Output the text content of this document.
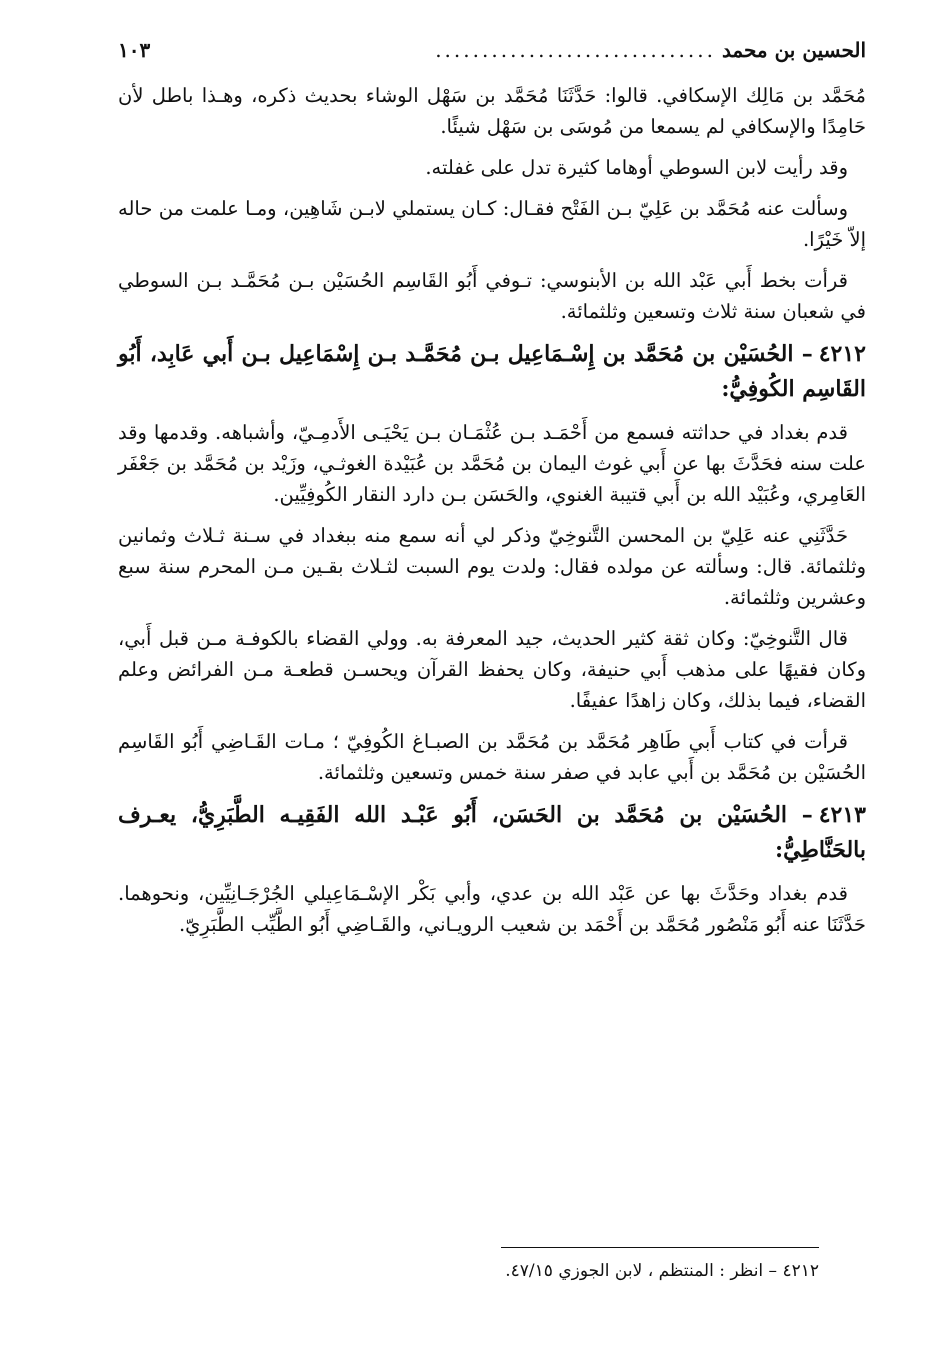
الحسين بن محمد
..............................
١٠٣

مُحَمَّد بن مَالِك الإسكافي. قالوا: حَدَّثَنَا مُحَمَّد بن سَهْل الوشاء بحديث ذكره، وهـذا باطل لأن حَامِدًا والإسكافي لم يسمعا من مُوسَى بن سَهْل شيئًا.

وقد رأيت لابن السوطي أوهاما كثيرة تدل على غفلته.

وسألت عنه مُحَمَّد بن عَلِيّ بـن الفَتْح فقـال: كـان يستملي لابـن شَاهِين، ومـا علمت من حاله إلاّ خَيْرًا.

قرأت بخط أَبي عَبْد الله بن الأبنوسي: تـوفي أَبُو القَاسِم الحُسَيْن بـن مُحَمَّـد بـن السوطي في شعبان سنة ثلاث وتسعين وثلثمائة.

٤٢١٢– الحُسَيْن بن مُحَمَّد بن إِسْـمَاعِيل بـن مُحَمَّـد بـن إِسْمَاعِيل بـن أَبي عَابِد، أَبُو القَاسِم الكُوفِيُّ:

قدم بغداد في حداثته فسمع من أَحْمَـد بـن عُثْمَـان بـن يَحْيَـى الأَدمِـيّ، وأشباهه. وقدمها وقد علت سنه فحَدَّثَ بها عن أَبي غوث اليمان بن مُحَمَّد بن عُبَيْدة الغوثـي، وزَيْد بن مُحَمَّد بن جَعْفَر العَامِري، وعُبَيْد الله بن أَبي قتيبة الغنوي، والحَسَن بـن دارد النقار الكُوفِيِّين.

حَدَّثَنِي عنه عَلِيّ بن المحسن التَّنوخِيّ وذكر لي أنه سمع منه ببغداد في سـنة ثـلاث وثمانين وثلثمائة. قال: وسألته عن مولده فقال: ولدت يوم السبت لثـلاث بقـين مـن المحرم سنة سبع وعشرين وثلثمائة.

قال التَّنوخِيّ: وكان ثقة كثير الحديث، جيد المعرفة به. وولي القضاء بالكوفـة مـن قبل أَبي، وكان فقيهًا على مذهب أَبي حنيفة، وكان يحفظ القرآن ويحسـن قطعـة مـن الفرائض وعلم القضاء، فيما بذلك، وكان زاهدًا عفيفًا.

قرأت في كتاب أَبي طَاهِر مُحَمَّد بن مُحَمَّد بن الصبـاغ الكُوفِيّ ؛ مـات القَـاضِي أَبُو القَاسِم الحُسَيْن بن مُحَمَّد بن أَبي عابد في صفر سنة خمس وتسعين وثلثمائة.

٤٢١٣– الحُسَيْن بن مُحَمَّد بن الحَسَن، أَبُو عَبْـد الله الفَقِيـه الطَّبَرِيُّ، يعـرف بالحَنَّاطِيُّ:

قدم بغداد وحَدَّثَ بها عن عَبْد الله بن عدي، وأبي بَكْر الإسْـمَاعِيلي الجُرْجَـانِيِّين، ونحوهما. حَدَّثَنَا عنه أَبُو مَنْصُور مُحَمَّد بن أَحْمَد بن شعيب الرويـاني، والقَـاضِي أَبُو الطَّيِّب الطَّبَرِيّ.

٤٢١٢ – انظر : المنتظم ، لابن الجوزي ٤٧/١٥.
